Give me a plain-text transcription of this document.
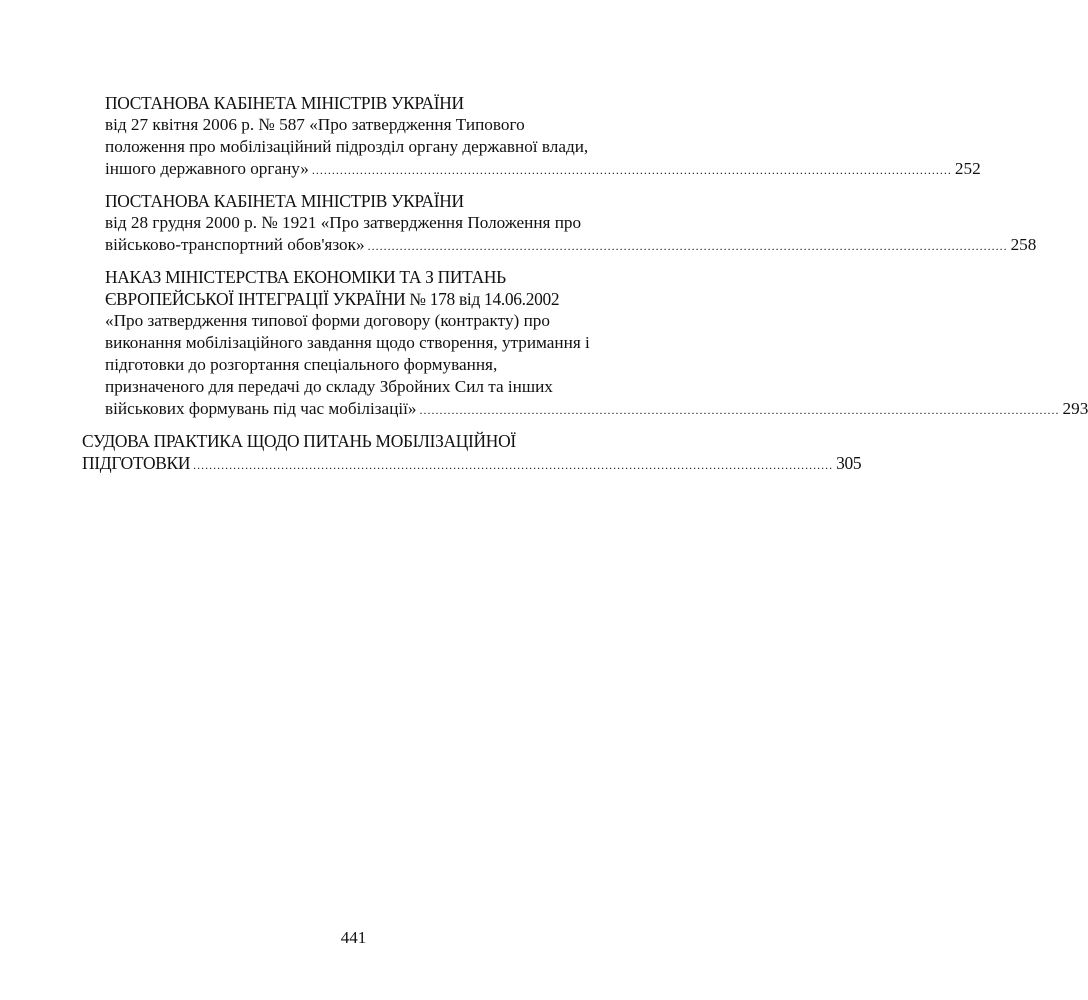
ПОСТАНОВА КАБІНЕТА МІНІСТРІВ УКРАЇНИ
від 27 квітня 2006 р. № 587 «Про затвердження Типового
положення про мобілізаційний підрозділ органу державної влади,
іншого державного органу» ................................................................................................................................................................ 252
ПОСТАНОВА КАБІНЕТА МІНІСТРІВ УКРАЇНИ
від 28 грудня 2000 р. № 1921 «Про затвердження Положення про
військово-транспортний обов'язок» ................................................................................................................................................................ 258
НАКАЗ МІНІСТЕРСТВА ЕКОНОМІКИ ТА З ПИТАНЬ
ЄВРОПЕЙСЬКОЇ ІНТЕГРАЦІЇ УКРАЇНИ № 178 від 14.06.2002
«Про затвердження типової форми договору (контракту) про
виконання мобілізаційного завдання щодо створення, утримання і
підготовки до розгортання спеціального формування,
призначеного для передачі до складу Збройних Сил та інших
військових формувань під час мобілізації» ................................................................................................................................................................ 293
СУДОВА ПРАКТИКА ЩОДО ПИТАНЬ МОБІЛІЗАЦІЙНОЇ
ПІДГОТОВКИ ................................................................................................................................................................ 305
441
